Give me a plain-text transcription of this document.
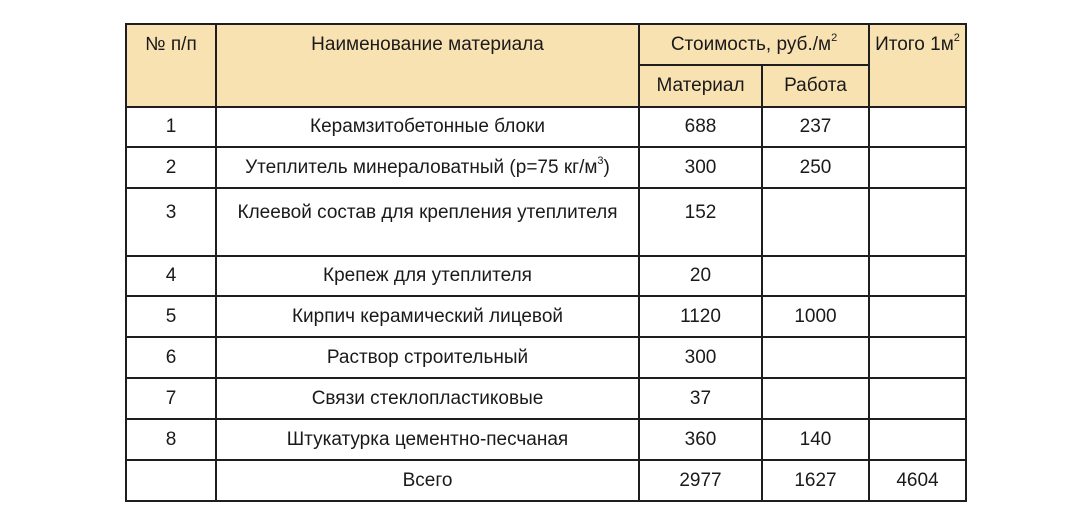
№ п/п	Наименование материала	Стоимость, $руб./м^2$		Итого $1м^2$
		Материал	Работа	
1	Керамзитобетонные блоки	688	237	
2	Утеплитель минераловатный (р=75 $кг/м^3$)	300	250	
3	Клеевой состав для крепления утеплителя	152		
4	Крепеж для утеплителя	20		
5	Кирпич керамический лицевой	1120	1000	
6	Раствор строительный	300		
7	Связи стеклопластиковые	37		
8	Штукатурка цементно-песчаная	360	140	
	Всего	2977	1627	4604
